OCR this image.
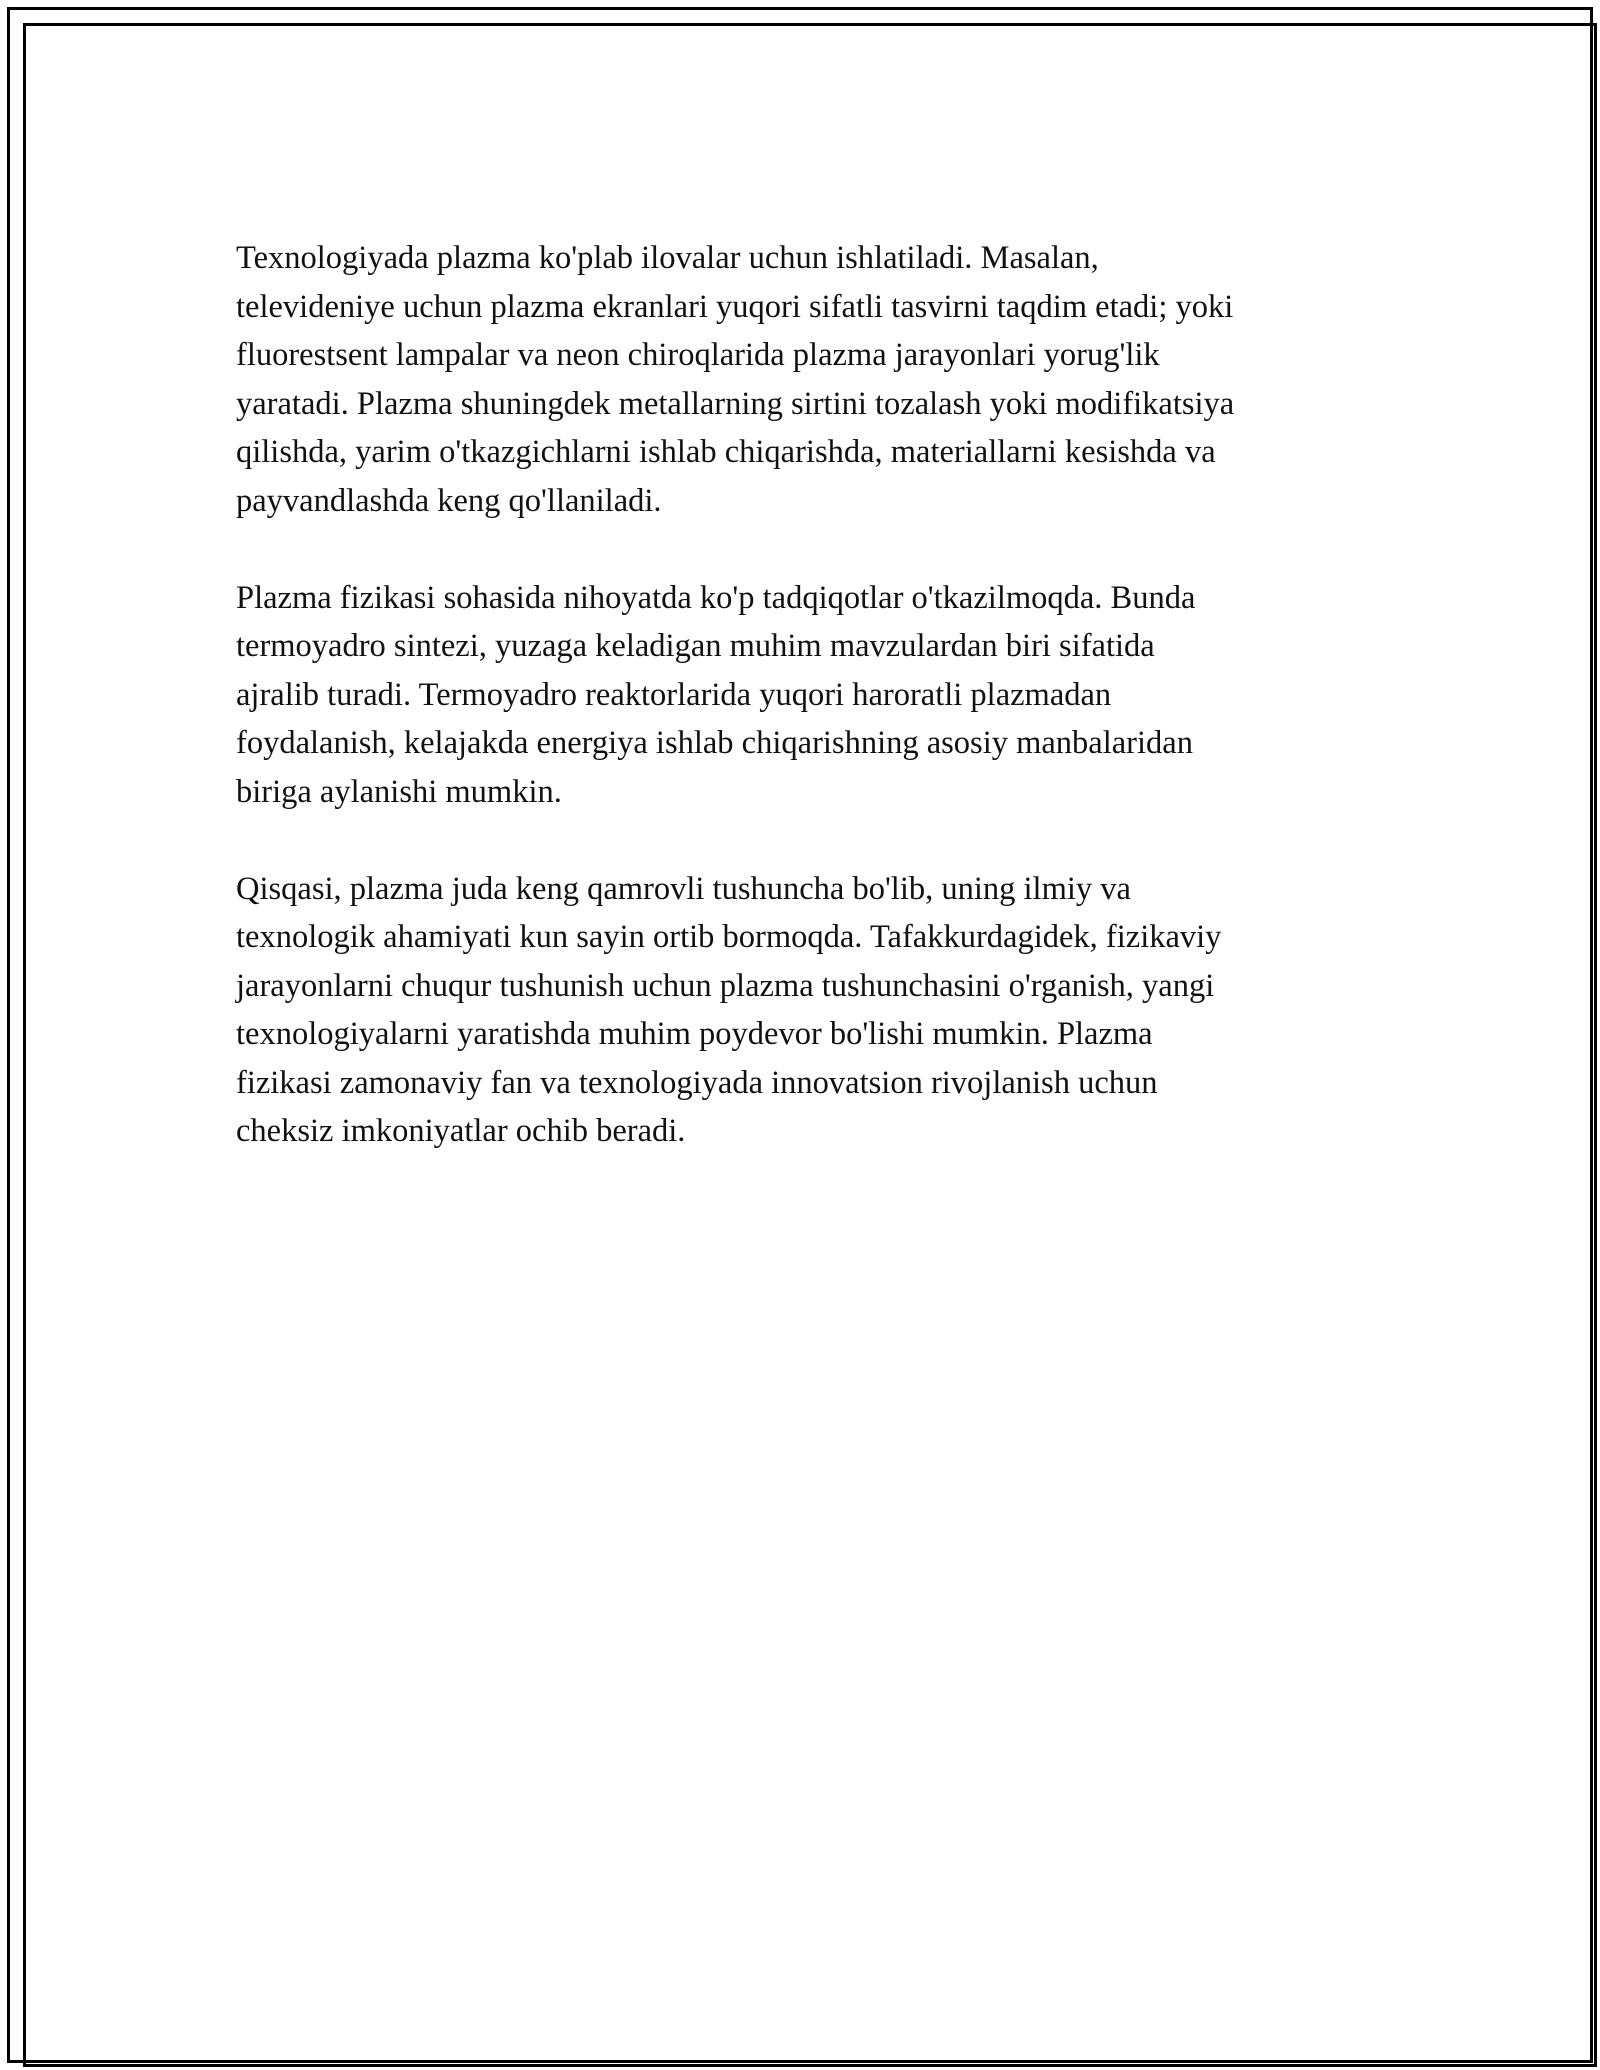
Texnologiyada plazma ko'plab ilovalar uchun ishlatiladi. Masalan,
televideniye uchun plazma ekranlari yuqori sifatli tasvirni taqdim etadi; yoki
fluorestsent lampalar va neon chiroqlarida plazma jarayonlari yorug'lik
yaratadi. Plazma shuningdek metallarning sirtini tozalash yoki modifikatsiya
qilishda, yarim o'tkazgichlarni ishlab chiqarishda, materiallarni kesishda va
payvandlashda keng qo'llaniladi.

Plazma fizikasi sohasida nihoyatda ko'p tadqiqotlar o'tkazilmoqda. Bunda
termoyadro sintezi, yuzaga keladigan muhim mavzulardan biri sifatida
ajralib turadi. Termoyadro reaktorlarida yuqori haroratli plazmadan
foydalanish, kelajakda energiya ishlab chiqarishning asosiy manbalaridan
biriga aylanishi mumkin.

Qisqasi, plazma juda keng qamrovli tushuncha bo'lib, uning ilmiy va
texnologik ahamiyati kun sayin ortib bormoqda. Tafakkurdagidek, fizikaviy
jarayonlarni chuqur tushunish uchun plazma tushunchasini o'rganish, yangi
texnologiyalarni yaratishda muhim poydevor bo'lishi mumkin. Plazma
fizikasi zamonaviy fan va texnologiyada innovatsion rivojlanish uchun
cheksiz imkoniyatlar ochib beradi.
